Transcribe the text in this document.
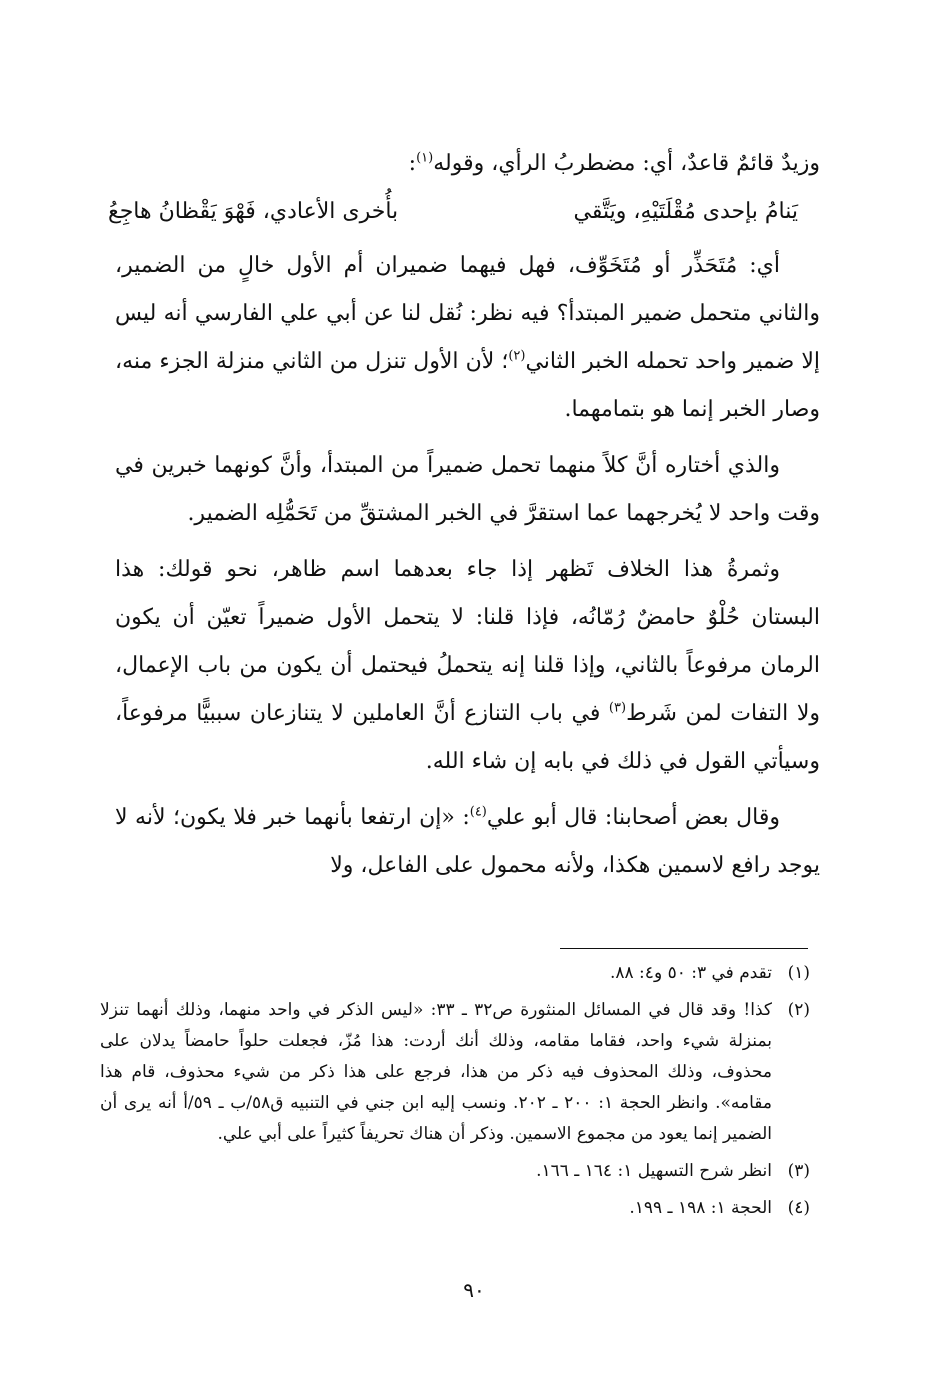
وزيدٌ قائمٌ قاعدٌ، أي: مضطربُ الرأي، وقوله$^{(١)}$:

يَنامُ بإحدى مُقْلَتَيْهِ، ويَتَّقي
بأُخرى الأعادي، فَهْوَ يَقْظانُ هاجِعُ

أي: مُتَحَذِّر أو مُتَخَوِّف، فهل فيهما ضميران أم الأول خالٍ من الضمير، والثاني متحمل ضمير المبتدأ؟ فيه نظر: نُقل لنا عن أبي علي الفارسي أنه ليس إلا ضمير واحد تحمله الخبر الثاني$^{(٢)}$؛ لأن الأول تنزل من الثاني منزلة الجزء منه، وصار الخبر إنما هو بتمامهما.

والذي أختاره أنَّ كلاً منهما تحمل ضميراً من المبتدأ، وأنَّ كونهما خبرين في وقت واحد لا يُخرجهما عما استقرَّ في الخبر المشتقِّ من تَحَمُّلِه الضمير.

وثمرةُ هذا الخلاف تَظهر إذا جاء بعدهما اسم ظاهر، نحو قولك: هذا البستان حُلْوٌ حامضٌ رُمّانُه، فإذا قلنا: لا يتحمل الأول ضميراً تعيّن أن يكون الرمان مرفوعاً بالثاني، وإذا قلنا إنه يتحملُ فيحتمل أن يكون من باب الإعمال، ولا التفات لمن شَرط$^{(٣)}$ في باب التنازع أنَّ العاملين لا يتنازعان سببيًّا مرفوعاً، وسيأتي القول في ذلك في بابه إن شاء الله.

وقال بعض أصحابنا: قال أبو علي$^{(٤)}$: «إن ارتفعا بأنهما خبر فلا يكون؛ لأنه لا يوجد رافع لاسمين هكذا، ولأنه محمول على الفاعل، ولا

(١)
تقدم في ٣: ٥٠ و٤: ٨٨.
(٢)
كذا! وقد قال في المسائل المنثورة ص٣٢ ـ ٣٣: «ليس الذكر في واحد منهما، وذلك أنهما تنزلا بمنزلة شيء واحد، فقاما مقامه، وذلك أنك أردت: هذا مُزّ، فجعلت حلواً حامضاً يدلان على محذوف، وذلك المحذوف فيه ذكر من هذا، فرجع على هذا ذكر من شيء محذوف، قام هذا مقامه». وانظر الحجة ١: ٢٠٠ ـ ٢٠٢. ونسب إليه ابن جني في التنبيه ق٥٨/ب ـ ٥٩/أ أنه يرى أن الضمير إنما يعود من مجموع الاسمين. وذكر أن هناك تحريفاً كثيراً على أبي علي.
(٣)
انظر شرح التسهيل ١: ١٦٤ ـ ١٦٦.
(٤)
الحجة ١: ١٩٨ ـ ١٩٩.
٩٠
